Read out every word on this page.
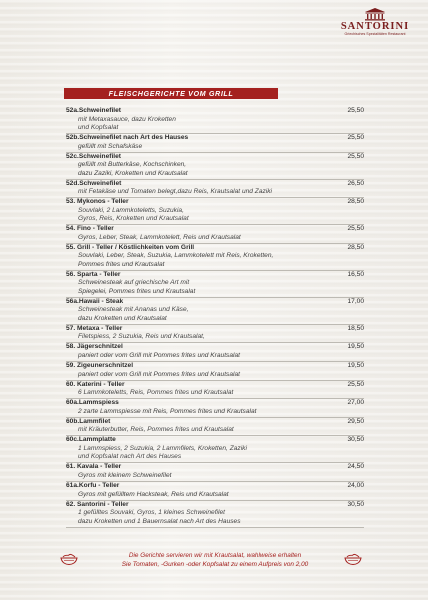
SANTORINI
Griechisches Spezialitäten Restaurant
FLEISCHGERICHTE VOM GRILL
52a.Schweinefilet	25,50
mit Metaxasauce, dazu Kroketten
und Kopfsalat
52b.Schweinefilet nach Art des Hauses	25,50
gefüllt mit Schafskäse
52c.Schweinefilet	25,50
gefüllt mit Butterkäse, Kochschinken,
dazu Zaziki, Kroketten und Krautsalat
52d.Schweinefilet	26,50
mit Fetakäse und Tomaten belegt,dazu Reis, Krautsalat und Zaziki
53. Mykonos - Teller	28,50
Souvlaki, 2 Lammkoteletts, Suzukia,
Gyros, Reis, Kroketten und Krautsalat
54. Fino - Teller	25,50
Gyros, Leber, Steak, Lammkotelett, Reis und Krautsalat
55. Grill - Teller / Köstlichkeiten vom Grill	28,50
Souvlaki, Leber, Steak, Suzukia, Lammkotelett mit Reis, Kroketten,
Pommes frites und Krautsalat
56. Sparta - Teller	16,50
Schweinesteak auf griechische Art mit
Spiegelei, Pommes frites und Krautsalat
56a.Hawaii - Steak	17,00
Schweinesteak mit Ananas und Käse,
dazu Kroketten und Krautsalat
57. Metaxa - Teller	18,50
Filetspiess, 2 Suzukia, Reis und Krautsalat,
58. Jägerschnitzel	19,50
paniert oder vom Grill mit Pommes frites und Krautsalat
59. Zigeunerschnitzel	19,50
paniert oder vom Grill mit Pommes frites und Krautsalat
60. Katerini - Teller	25,50
6 Lammkoteletts, Reis, Pommes frites und Krautsalat
60a.Lammspiess	27,00
2 zarte Lammspiesse mit Reis, Pommes frites und Krautsalat
60b.Lammfilet	29,50
mit Kräuterbutter, Reis, Pommes frites und Krautsalat
60c.Lammplatte	30,50
1 Lammspiess, 2 Suzukia, 2 Lammfilets, Kroketten, Zaziki
und Kopfsalat nach Art des Hauses
61. Kavala - Teller	24,50
Gyros mit kleinem Schweinefilet
61a.Korfu - Teller	24,00
Gyros mit gefülltem Hacksteak, Reis und Krautsalat
62. Santorini - Teller	30,50
1 gefülltes Souvaki, Gyros, 1 kleines Schweinefilet
dazu Kroketten und 1 Bauernsalat nach Art des Hauses
Die Gerichte servieren wir mit Krautsalat, wahlweise erhalten
Sie Tomaten, -Gurken -oder Kopfsalat zu einem Aufpreis von 2,00
